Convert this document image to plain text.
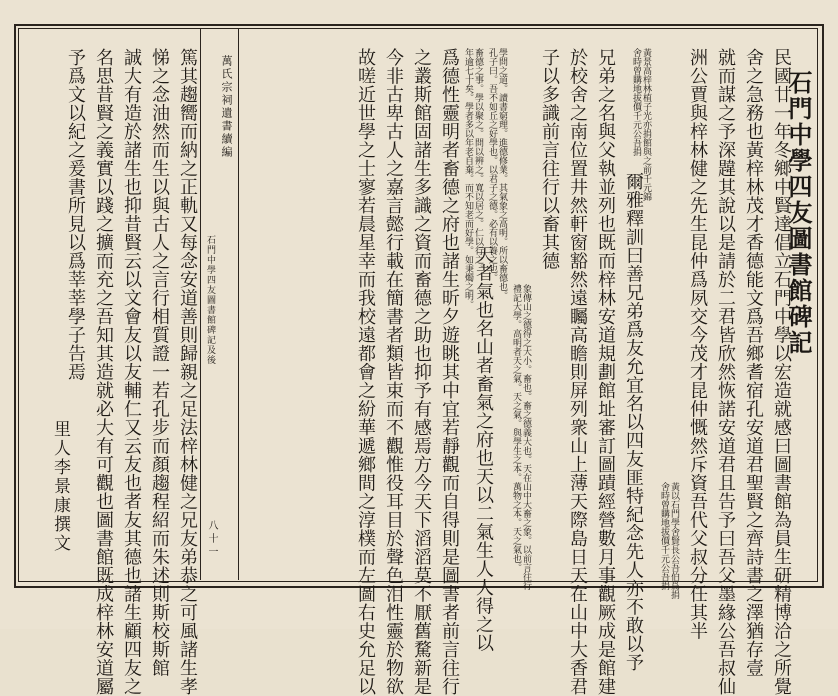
石門中學四友圖書館碑記
民國廿一年冬鄉中賢達倡立石門中學以宏造就感曰圖書館為員生研精博洽之所覺
舍之急務也黃梓林茂才香德能文爲吾鄉耆宿孔安道君聖賢之齊詩書之澤猶存壹
就而謀之予深韙其說以是請於二君皆欣然恢諾安道君且告予曰吾父墨緣公吾叔仙
洲公賈與梓林健之先生昆仲爲夙交今茂才昆仲慨然斥資吾代父叔分任其半
黃以石門學舍賢長公吾伯爲捐
舍時曾購地拔價千元公吾捐
黃景高梓林植子光亦捐館與之前千元錦
舍時曾購地拔價千元公吾捐
爾雅釋訓曰善兄弟爲友允宜名以四友匪特紀念先人亦不敢以予
兄弟之名與父執並列也既而梓林安道規劃館址審訂圖蹟經營數月事觀厥成是館建
於校舍之南位置井然軒窗豁然遠矚高瞻則屏列衆山上薄天際島日天在山中大香君
子以多識前言往行以畜其德
象傳山之德得之大小。畜也。畜之德義大也。天在山中大畜之象。以前言往行
禮記大學。高明者天之氣。天之氣。與學生之本。萬物之本。天之氣也。
學問之道。讀書窮理。進德修業。其氣象之高明。所以畜德也。
孔子曰。吾不如丘之好學也。以君子之德。必有以養之也。
畜德之事。學以聚之。問以辨之。寬以居之。仁以行之。
年逾七十矣。學者多以年老自棄。而不知老而好學。如秉燭之明。
天者氣也名山者畜氣之府也天以二氣生人人得之以
爲德性靈明者畜德之府也諸生昕夕遊眺其中宜若靜觀而自得則是圖書者前言往行
之叢斯館固諸生多識之資而畜德之助也抑予有感焉方今天下滔滔莫不厭舊騖新是
今非古卑古人之嘉言懿行載在簡書者類皆束而不觀惟役耳目於聲色泪性靈於物欲
故嗟近世學之士寥若晨星幸而我校遠都會之紛華遞鄉間之淳樸而左圖右史允足以
萬氏宗祠遺書續編
石門中學四友圖書館碑記及後
八十一
篤其趨嚮而納之正軌又每念安道善則歸親之足法梓林健之兄友弟恭之可風諸生孝
悌之念油然而生以與古人之言行相質證一若孔步而顏趨程紹而朱述則斯校斯館
誠大有造於諸生也抑昔賢云以文會友以友輔仁又云友也者友其德也諸生顧四友之
名思昔賢之義實以踐之擴而充之吾知其造就必大有可觀也圖書館既成梓林安道屬
予爲文以紀之爰書所見以爲莘莘學子告焉
里人李景康撰文
